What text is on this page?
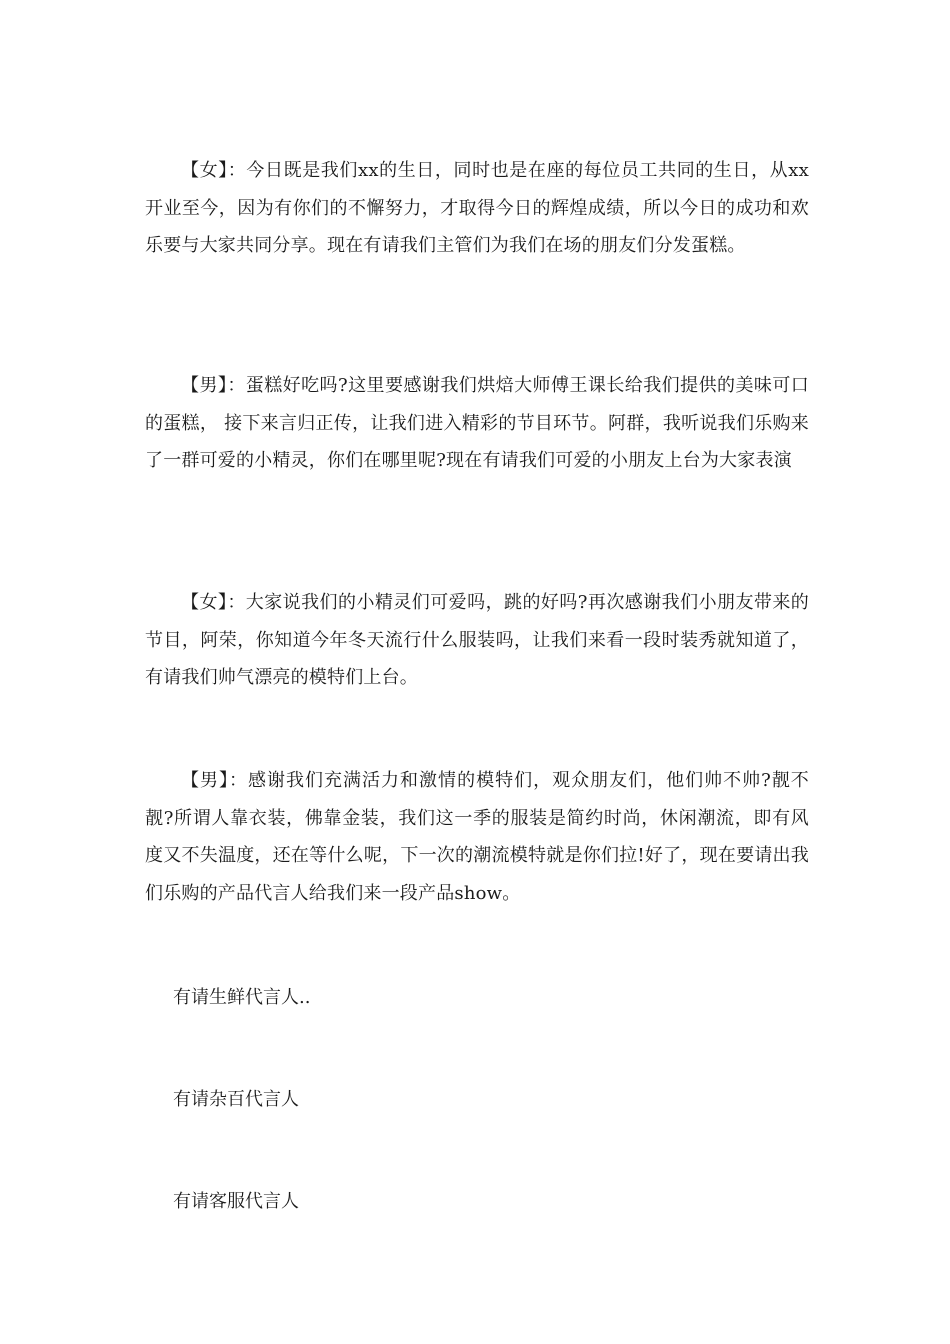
【女】：今日既是我们xx的生日，同时也是在座的每位员工共同的生日，从xx开业至今，因为有你们的不懈努力，才取得今日的辉煌成绩，所以今日的成功和欢乐要与大家共同分享。现在有请我们主管们为我们在场的朋友们分发蛋糕。

【男】：蛋糕好吃吗?这里要感谢我们烘焙大师傅王课长给我们提供的美味可口的蛋糕， 接下来言归正传，让我们进入精彩的节目环节。阿群，我听说我们乐购来了一群可爱的小精灵，你们在哪里呢?现在有请我们可爱的小朋友上台为大家表演

【女】：大家说我们的小精灵们可爱吗，跳的好吗?再次感谢我们小朋友带来的节目，阿荣，你知道今年冬天流行什么服装吗，让我们来看一段时装秀就知道了，有请我们帅气漂亮的模特们上台。

【男】：感谢我们充满活力和激情的模特们，观众朋友们，他们帅不帅?靓不靓?所谓人靠衣装，佛靠金装，我们这一季的服装是简约时尚，休闲潮流，即有风度又不失温度，还在等什么呢，下一次的潮流模特就是你们拉!好了，现在要请出我们乐购的产品代言人给我们来一段产品show。

有请生鲜代言人..

有请杂百代言人

有请客服代言人
